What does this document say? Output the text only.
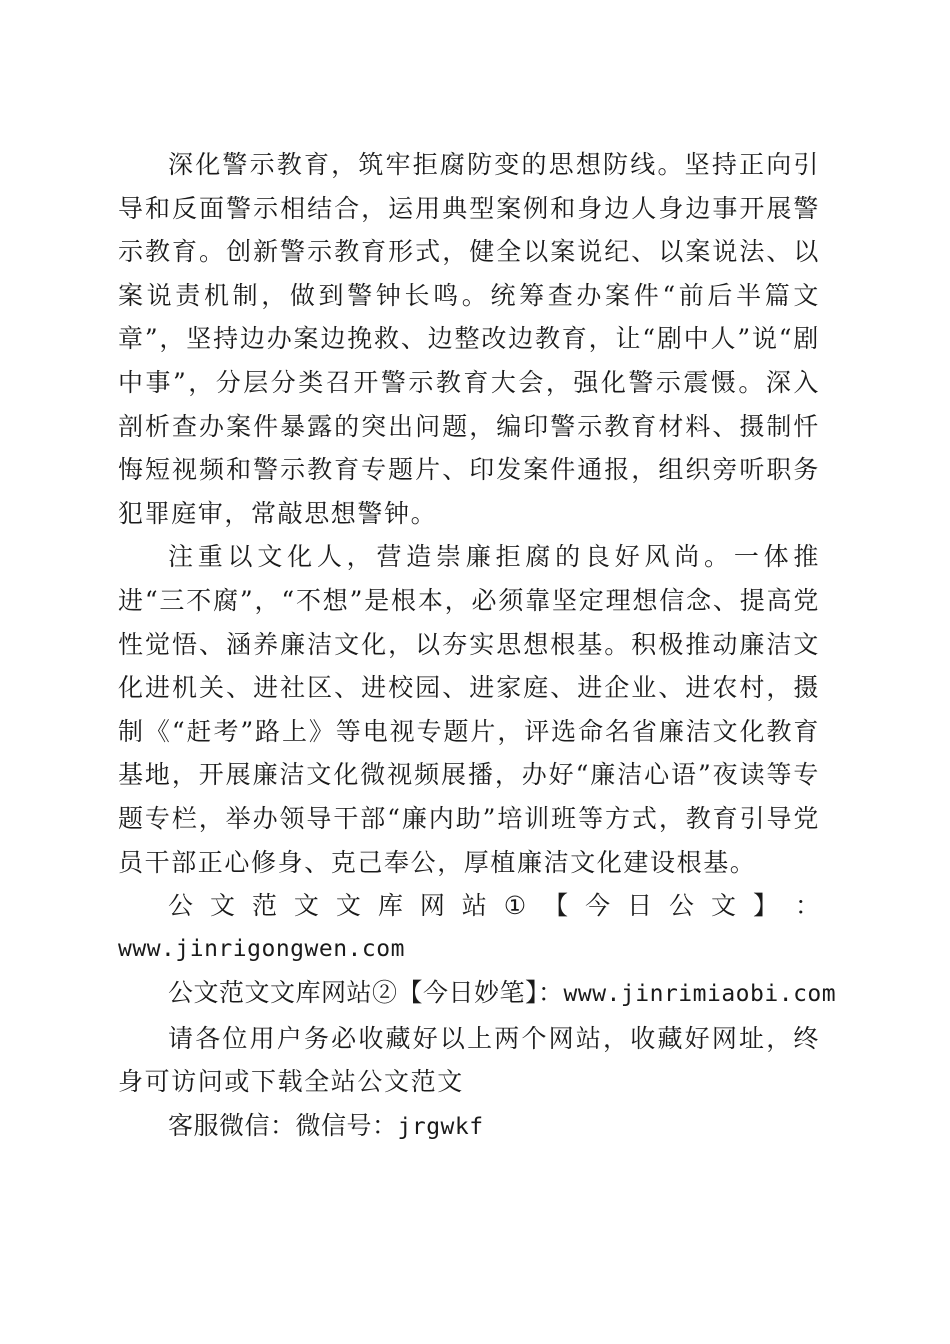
深化警示教育，筑牢拒腐防变的思想防线。坚持正向引导和反面警示相结合，运用典型案例和身边人身边事开展警示教育。创新警示教育形式，健全以案说纪、以案说法、以案说责机制，做到警钟长鸣。统筹查办案件“前后半篇文章”，坚持边办案边挽救、边整改边教育，让“剧中人”说“剧中事”，分层分类召开警示教育大会，强化警示震慑。深入剖析查办案件暴露的突出问题，编印警示教育材料、摄制忏悔短视频和警示教育专题片、印发案件通报，组织旁听职务犯罪庭审，常敲思想警钟。

注重以文化人，营造崇廉拒腐的良好风尚。一体推进“三不腐”，“不想”是根本，必须靠坚定理想信念、提高党性觉悟、涵养廉洁文化，以夯实思想根基。积极推动廉洁文化进机关、进社区、进校园、进家庭、进企业、进农村，摄制《“赶考”路上》等电视专题片，评选命名省廉洁文化教育基地，开展廉洁文化微视频展播，办好“廉洁心语”夜读等专题专栏，举办领导干部“廉内助”培训班等方式，教育引导党员干部正心修身、克己奉公，厚植廉洁文化建设根基。

公 文 范 文 文 库 网 站 ① 【 今 日 公 文 】 ：

www.jinrigongwen.com

公文范文文库网站②【今日妙笔】：www.jinrimiaobi.com

请各位用户务必收藏好以上两个网站，收藏好网址，终身可访问或下载全站公文范文

客服微信：微信号：jrgwkf
